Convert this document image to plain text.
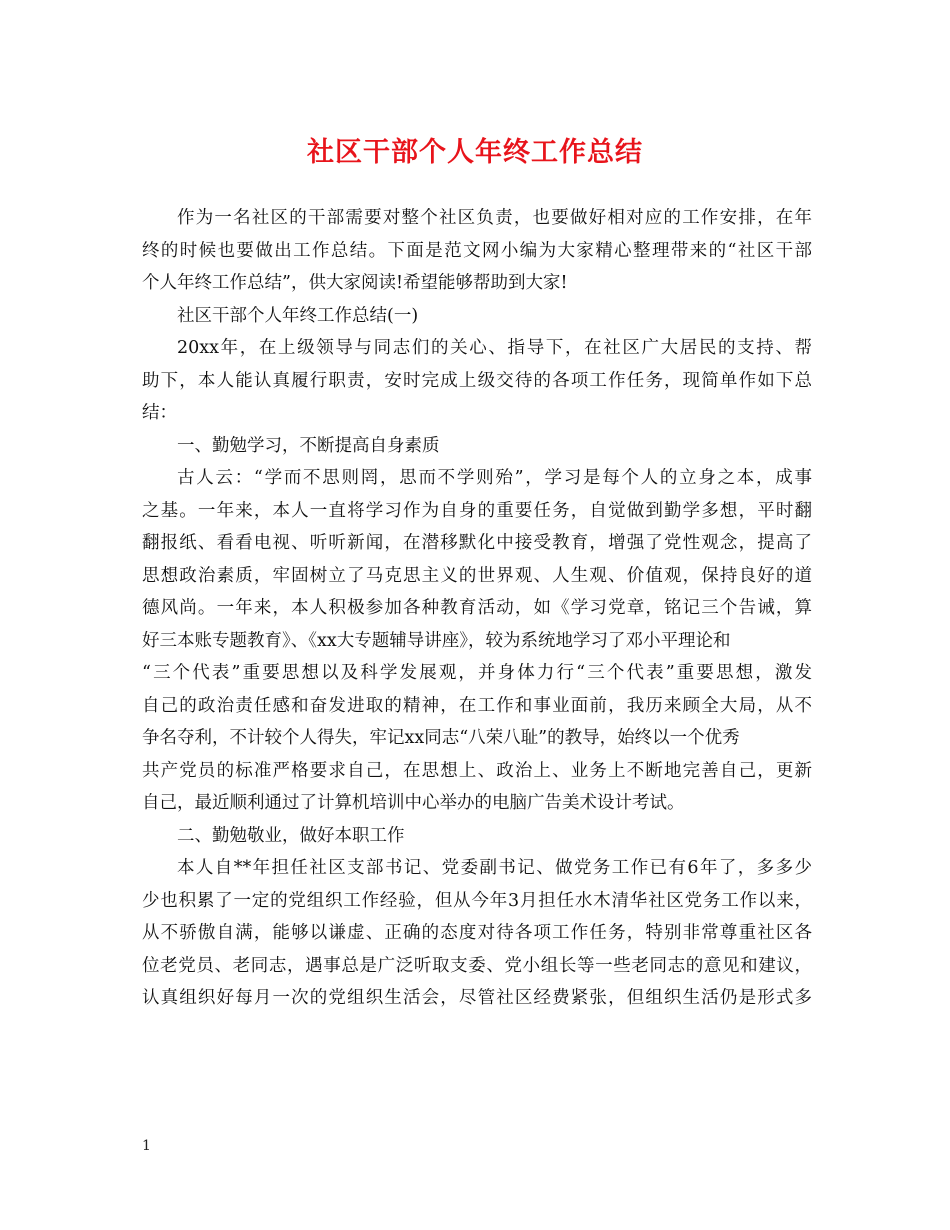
社区干部个人年终工作总结

作为一名社区的干部需要对整个社区负责，也要做好相对应的工作安排，在年

终的时候也要做出工作总结。下面是范文网小编为大家精心整理带来的“社区干部

个人年终工作总结”，供大家阅读!希望能够帮助到大家!

社区干部个人年终工作总结(一)

20xx年，在上级领导与同志们的关心、指导下，在社区广大居民的支持、帮

助下，本人能认真履行职责，安时完成上级交待的各项工作任务，现简单作如下总

结：

一、勤勉学习，不断提高自身素质

古人云：“学而不思则罔，思而不学则殆”，学习是每个人的立身之本，成事

之基。一年来，本人一直将学习作为自身的重要任务，自觉做到勤学多想，平时翻

翻报纸、看看电视、听听新闻，在潜移默化中接受教育，增强了党性观念，提高了

思想政治素质，牢固树立了马克思主义的世界观、人生观、价值观，保持良好的道

德风尚。一年来，本人积极参加各种教育活动，如《学习党章，铭记三个告诫，算

好三本账专题教育》、《xx大专题辅导讲座》，较为系统地学习了邓小平理论和

“三个代表”重要思想以及科学发展观，并身体力行“三个代表”重要思想，激发

自己的政治责任感和奋发进取的精神，在工作和事业面前，我历来顾全大局，从不

争名夺利，不计较个人得失，牢记xx同志“八荣八耻”的教导，始终以一个优秀

共产党员的标准严格要求自己，在思想上、政治上、业务上不断地完善自己，更新

自己，最近顺利通过了计算机培训中心举办的电脑广告美术设计考试。

二、勤勉敬业，做好本职工作

本人自**年担任社区支部书记、党委副书记、做党务工作已有6年了，多多少

少也积累了一定的党组织工作经验，但从今年3月担任水木清华社区党务工作以来，

从不骄傲自满，能够以谦虚、正确的态度对待各项工作任务，特别非常尊重社区各

位老党员、老同志，遇事总是广泛听取支委、党小组长等一些老同志的意见和建议，

认真组织好每月一次的党组织生活会，尽管社区经费紧张，但组织生活仍是形式多

1
